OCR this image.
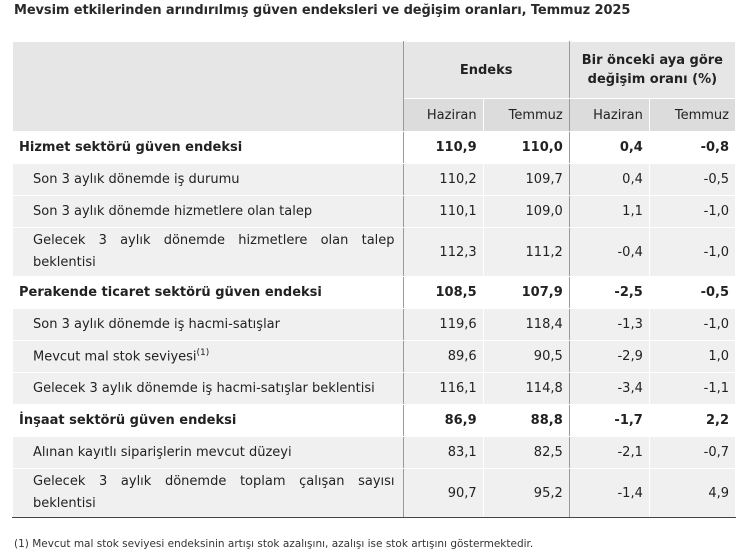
Mevsim etkilerinden arındırılmış güven endeksleri ve değişim oranları, Temmuz 2025
	Endeks		Bir önceki aya göre
değişim oranı (%)	
	Haziran	Temmuz	Haziran	Temmuz
Hizmet sektörü güven endeksi	110,9	110,0	0,4	-0,8
Son 3 aylık dönemde iş durumu	110,2	109,7	0,4	-0,5
Son 3 aylık dönemde hizmetlere olan talep	110,1	109,0	1,1	-1,0
Gelecek 3 aylık dönemde hizmetlere olan talep beklentisi	112,3	111,2	-0,4	-1,0
Perakende ticaret sektörü güven endeksi	108,5	107,9	-2,5	-0,5
Son 3 aylık dönemde iş hacmi-satışlar	119,6	118,4	-1,3	-1,0
Mevcut mal stok seviyesi$^{(1)}$	89,6	90,5	-2,9	1,0
Gelecek 3 aylık dönemde iş hacmi-satışlar beklentisi	116,1	114,8	-3,4	-1,1
İnşaat sektörü güven endeksi	86,9	88,8	-1,7	2,2
Alınan kayıtlı siparişlerin mevcut düzeyi	83,1	82,5	-2,1	-0,7
Gelecek 3 aylık dönemde toplam çalışan sayısı beklentisi	90,7	95,2	-1,4	4,9
(1) Mevcut mal stok seviyesi endeksinin artışı stok azalışını, azalışı ise stok artışını göstermektedir.
